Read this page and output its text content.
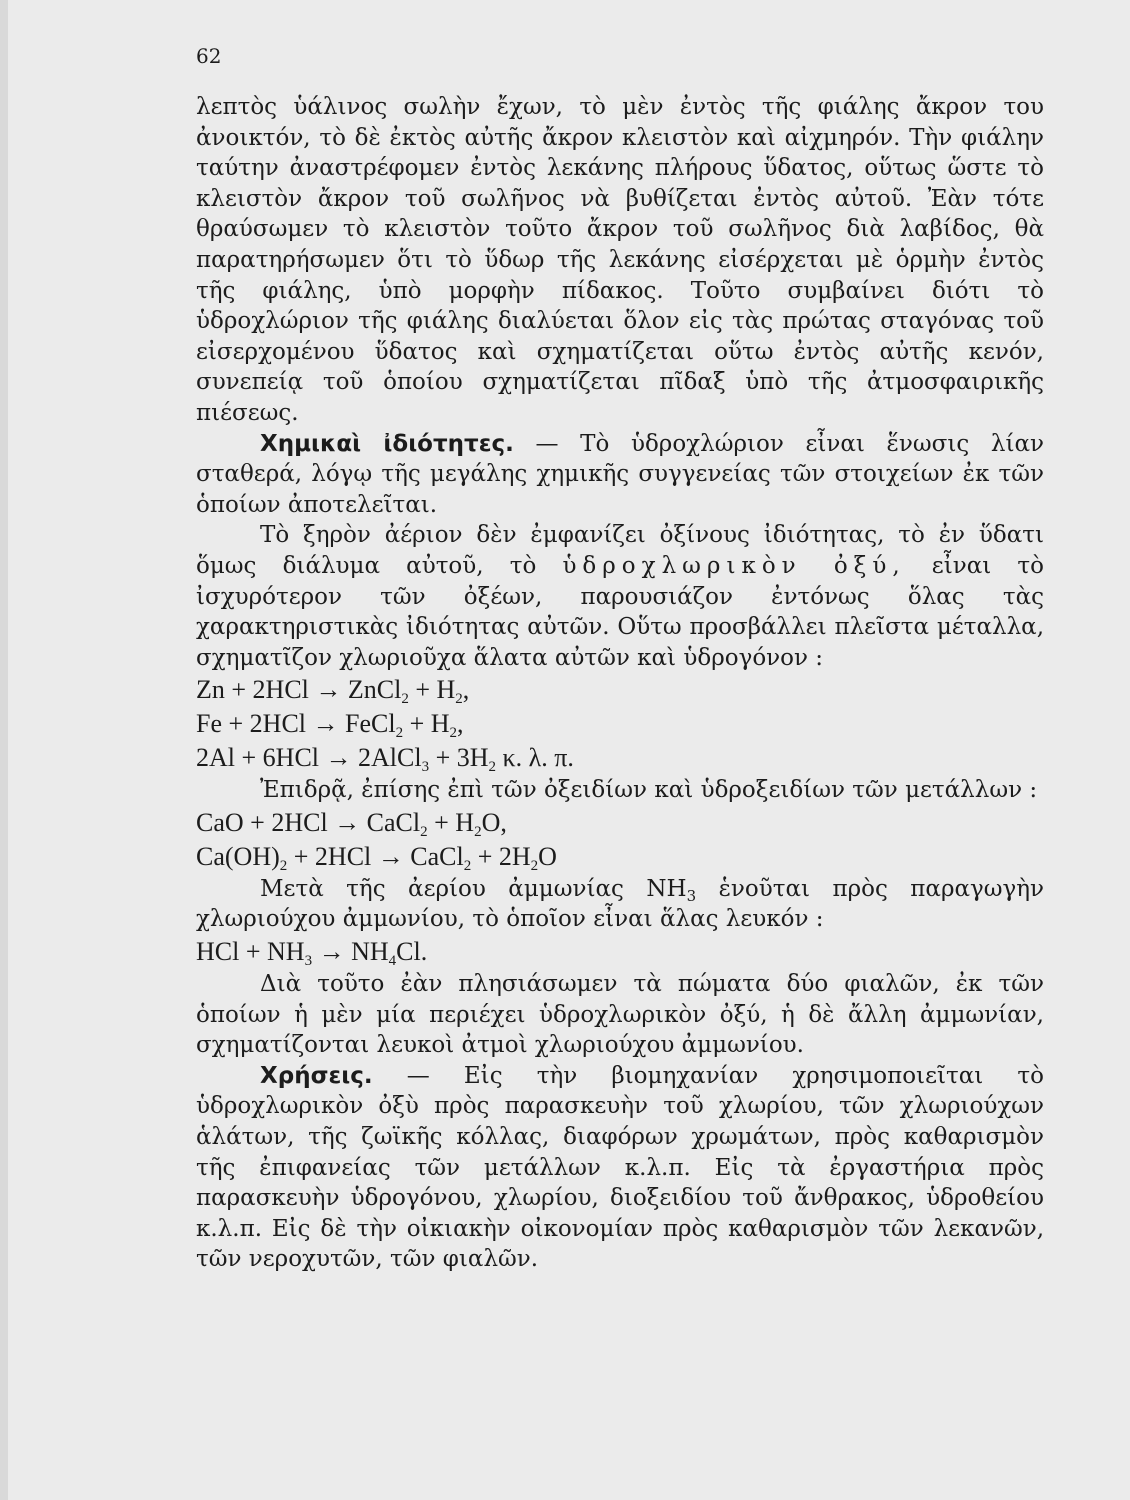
62

λεπτὸς ὑάλινος σωλὴν ἔχων, τὸ μὲν ἐντὸς τῆς φιάλης ἄκρον του ἀνοικτόν, τὸ δὲ ἐκτὸς αὐτῆς ἄκρον κλειστὸν καὶ αἰχμηρόν. Τὴν φιάλην ταύτην ἀναστρέφομεν ἐντὸς λεκάνης πλήρους ὕδατος, οὕτως ὥστε τὸ κλειστὸν ἄκρον τοῦ σωλῆνος νὰ βυθίζεται ἐντὸς αὐτοῦ. Ἐὰν τότε θραύσωμεν τὸ κλειστὸν τοῦτο ἄκρον τοῦ σωλῆνος διὰ λαβίδος, θὰ παρατηρήσωμεν ὅτι τὸ ὕδωρ τῆς λεκάνης εἰσέρχεται μὲ ὁρμὴν ἐντὸς τῆς φιάλης, ὑπὸ μορφὴν πίδακος. Τοῦτο συμβαίνει διότι τὸ ὑδροχλώριον τῆς φιάλης διαλύεται ὅλον εἰς τὰς πρώτας σταγόνας τοῦ εἰσερχομένου ὕδατος καὶ σχηματίζεται οὕτω ἐντὸς αὐτῆς κενόν, συνεπείᾳ τοῦ ὁποίου σχηματίζεται πῖδαξ ὑπὸ τῆς ἀτμοσφαιρικῆς πιέσεως.

Χημικαὶ ἰδιότητες. — Τὸ ὑδροχλώριον εἶναι ἕνωσις λίαν σταθερά, λόγῳ τῆς μεγάλης χημικῆς συγγενείας τῶν στοιχείων ἐκ τῶν ὁποίων ἀποτελεῖται.

Τὸ ξηρὸν ἀέριον δὲν ἐμφανίζει ὀξίνους ἰδιότητας, τὸ ἐν ὕδατι ὅμως διάλυμα αὐτοῦ, τὸ ὑδροχλωρικὸν ὀξύ, εἶναι τὸ ἰσχυρότερον τῶν ὀξέων, παρουσιάζον ἐντόνως ὅλας τὰς χαρακτηριστικὰς ἰδιότητας αὐτῶν. Οὕτω προσβάλλει πλεῖστα μέταλλα, σχηματῖζον χλωριοῦχα ἅλατα αὐτῶν καὶ ὑδρογόνον :

Zn + 2HCl → ZnCl$_2$ + $H_2$,

Fe + 2HCl → FeCl$_2$ + $H_2$,

2Al + 6HCl → 2AlCl$_3$ + $3H_2$ κ. λ. π.

Ἐπιδρᾷ, ἐπίσης ἐπὶ τῶν ὀξειδίων καὶ ὑδροξειδίων τῶν μετάλλων :

CaO + 2HCl → CaCl$_2$ + $H_2O$,

$Ca(OH)_2 + 2HCl$ → CaCl$_2$ + $2H_2O$

Μετὰ τῆς ἀερίου ἀμμωνίας $NH_3$ ἑνοῦται πρὸς παραγωγὴν χλωριούχου ἀμμωνίου, τὸ ὁποῖον εἶναι ἅλας λευκόν :

HCl + $NH_3 \to NH_4Cl$.

Διὰ τοῦτο ἐὰν πλησιάσωμεν τὰ πώματα δύο φιαλῶν, ἐκ τῶν ὁποίων ἡ μὲν μία περιέχει ὑδροχλωρικὸν ὀξύ, ἡ δὲ ἄλλη ἀμμωνίαν, σχηματίζονται λευκοὶ ἀτμοὶ χλωριούχου ἀμμωνίου.

Χρήσεις. — Εἰς τὴν βιομηχανίαν χρησιμοποιεῖται τὸ ὑδροχλωρικὸν ὀξὺ πρὸς παρασκευὴν τοῦ χλωρίου, τῶν χλωριούχων ἁλάτων, τῆς ζωϊκῆς κόλλας, διαφόρων χρωμάτων, πρὸς καθαρισμὸν τῆς ἐπιφανείας τῶν μετάλλων κ.λ.π. Εἰς τὰ ἐργαστήρια πρὸς παρασκευὴν ὑδρογόνου, χλωρίου, διοξειδίου τοῦ ἄνθρακος, ὑδροθείου κ.λ.π. Εἰς δὲ τὴν οἰκιακὴν οἰκονομίαν πρὸς καθαρισμὸν τῶν λεκανῶν, τῶν νεροχυτῶν, τῶν φιαλῶν.
